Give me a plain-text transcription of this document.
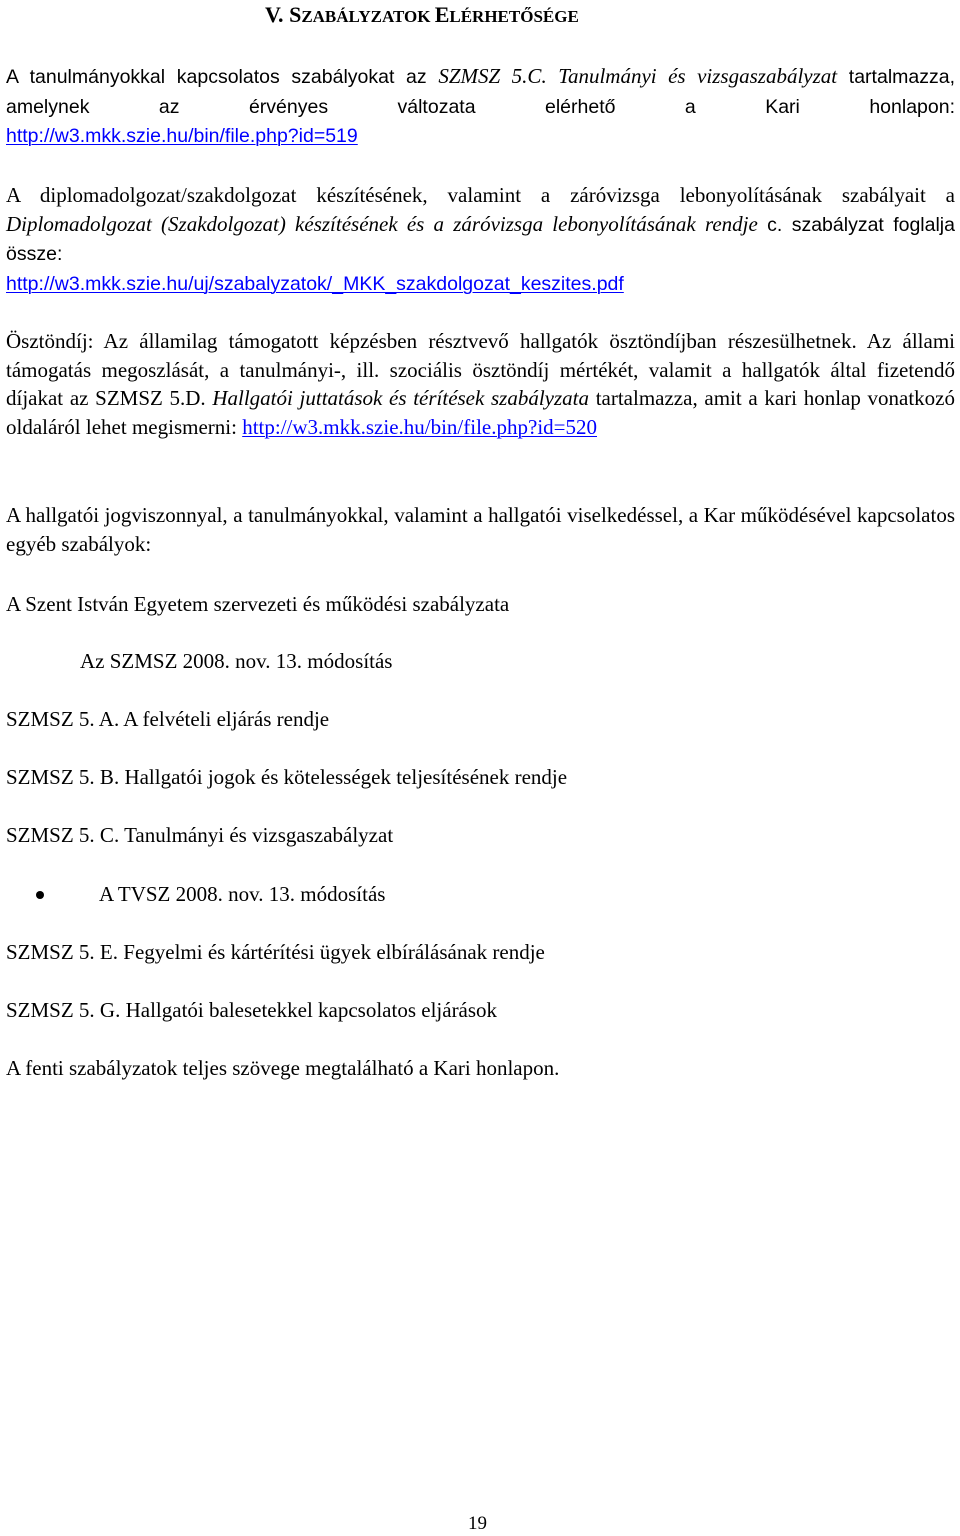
V. SZABÁLYZATOK ELÉRHETŐSÉGE

A tanulmányokkal kapcsolatos szabályokat az SZMSZ 5.C. Tanulmányi és vizsgaszabályzat tartalmazza, amelynek az érvényes változata elérhető a Kari honlapon:
http://w3.mkk.szie.hu/bin/file.php?id=519

A diplomadolgozat/szakdolgozat készítésének, valamint a záróvizsga lebonyolításának szabályait a Diplomadolgozat (Szakdolgozat) készítésének és a záróvizsga lebonyolításának rendje c. szabályzat foglalja össze:
http://w3.mkk.szie.hu/uj/szabalyzatok/_MKK_szakdolgozat_keszites.pdf

Ösztöndíj: Az államilag támogatott képzésben résztvevő hallgatók ösztöndíjban részesülhetnek. Az állami támogatás megoszlását, a tanulmányi-, ill. szociális ösztöndíj mértékét, valamit a hallgatók által fizetendő díjakat az SZMSZ 5.D. Hallgatói juttatások és térítések szabályzata tartalmazza, amit a kari honlap vonatkozó oldaláról lehet megismerni: http://w3.mkk.szie.hu/bin/file.php?id=520

A hallgatói jogviszonnyal, a tanulmányokkal, valamint a hallgatói viselkedéssel, a Kar működésével kapcsolatos egyéb szabályok:

A Szent István Egyetem szervezeti és működési szabályzata

Az SZMSZ 2008. nov. 13. módosítás

SZMSZ 5. A. A felvételi eljárás rendje

SZMSZ 5. B. Hallgatói jogok és kötelességek teljesítésének rendje

SZMSZ 5. C. Tanulmányi és vizsgaszabályzat

A TVSZ 2008. nov. 13. módosítás

SZMSZ 5. E. Fegyelmi és kártérítési ügyek elbírálásának rendje

SZMSZ 5. G. Hallgatói balesetekkel kapcsolatos eljárások

A fenti szabályzatok teljes szövege megtalálható a Kari honlapon.

19
